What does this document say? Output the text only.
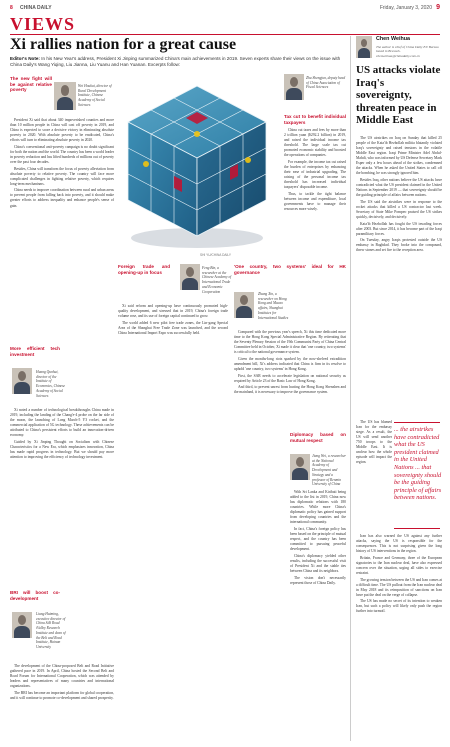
8 CHINA DAILY	Friday, January 3, 2020 9
VIEWS
Xi rallies nation for a great cause
Editor's Note: In his New Year's address, President Xi Jinping summarized China's main achievements in 2019. Seven experts share their views on the issue with China Daily's Wang Yiqing, Liu Jianna, Liu Yuanu and Han Yuanan. Excerpts follow:
The new fight will be against relative poverty
Wei Houkai, director of Rural Development Institute, Chinese Academy of Social Sciences

President Xi said that about 340 impoverished counties and more than 10 million people in China will cast off poverty in 2019, and China is expected to score a decisive victory in eliminating absolute poverty in 2020. With absolute poverty to be eradicated, China's efforts will turn to eliminating absolute poverty in 2020.

China's conventional anti-poverty campaign is no doubt significant for both the nation and the world. The country has been a world leader in poverty reduction and has lifted hundreds of millions out of poverty over the past four decades.

Besides, China will transform the focus of poverty alleviation from absolute poverty to relative poverty. The country will face more complicated challenges in fighting relative poverty, which requires long-term mechanisms.

China needs to improve coordination between rural and urban areas to prevent people from falling back into poverty, and it should make greater efforts to address inequality and enhance people's sense of gain.

More efficient tech investment
Huang Qunhui, director of the Institute of Economics, Chinese Academy of Social Sciences

Xi noted a number of technological breakthroughs China made in 2019, including the landing of the Chang'e-4 probe on the far side of the moon, the launching of Long March-5 Y3 rocket, and the commercial application of 5G technology. These achievements can be attributed to China's persistent efforts to build an innovation-driven economy.

Guided by Xi Jinping Thought on Socialism with Chinese Characteristics for a New Era, which emphasizes innovation, China has made rapid progress in technology. But we should pay more attention to improving the efficiency of technology investment.

BRI will boost co-development
Liang Haiming, executive director of China Silk Road iValley Research Institute and dean of the Belt and Road Institute, Hainan University

The development of the China-proposed Belt and Road Initiative gathered pace in 2019. In April, China hosted the Second Belt and Road Forum for International Cooperation, which was attended by leaders and representatives of many countries and international organizations.

The BRI has become an important platform for global cooperation, and it will continue to promote co-development and shared prosperity.

SHI YU/CHINA DAILY
Foreign trade and opening-up in focus
Feng Bin, a researcher at the Chinese Academy of International Trade and Economic Cooperation

Xi said reform and opening-up have continuously promoted high-quality development, and stressed that in 2019, China's foreign trade volume rose, and its use of foreign capital continued to grow.

The world added 6 new pilot free trade zones, the Lin-gang Special Area of the Shanghai Free Trade Zone was launched, and the second China International Import Expo was successfully held.

'One country, two systems' ideal for HK governance
Zhang Xin, a researcher on Hong Kong and Macao affairs, Shanghai Institutes for International Studies

Compared with the previous year's speech, Xi this time dedicated more time to the Hong Kong Special Administrative Region. By reiterating that the Seventy Plenary Session of the 19th Communist Party of China Central Committee held in October, Xi made it clear that 'one country, two systems' is critical to the national governance system.

Given the months-long riots sparked by the now-shelved extradition amendment bill, Xi's address indicated that China is firm in its resolve to uphold 'one country, two systems' in Hong Kong.

First, the SAR needs to accelerate legislation on national security as required by Article 23 of the Basic Law of Hong Kong.

And third, to prevent unrest from hurting the Hong Kong Shenzhen and the mainland, it is necessary to improve the governance system.

Zhu Shengjun, deputy head of China Association of Fiscal Sciences
Tax cut to benefit individual taxpayers

China cut taxes and fees by more than 2 trillion yuan ($292.2 billion) in 2019, and raised the individual income tax threshold. The large scale tax cut promoted economic stability and boosted the operations of companies.

For example, the income tax cut raised the burden of enterprises by enhancing their ease of industrial upgrading. The raising of the personal income tax threshold has increased individual taxpayers' disposable income.

Thus, to tackle the tight balance between income and expenditure, local governments have to manage their resources more wisely.

Diplomacy based on mutual respect
Jiang Wei, a researcher at the National Academy of Development and Strategy and a professor of Renmin University of China
Chen Weihua
The author is chief of China Daily EU Bureau based in Brussels. chenweihua@chinadaily.com.cn
US attacks violate Iraq's sovereignty, threaten peace in Middle East

The US airstrikes on Iraq on Sunday that killed 25 people of the Kata'ib Hezbollah militia blatantly violated Iraq's sovereignty and raised tensions in the volatile Middle East region. Iraqi Prime Minister Adel Abdul-Mahdi, who was informed by US Defense Secretary Mark Esper only a few hours ahead of the strikes, condemned the attacks. When he asked the United States to call off the bombing, he was strongly ignored him.

Besides Iraq, other nations believe the US attacks have contradicted what the US president claimed in the United Nations in September 2019 — that sovereignty should be the guiding principle of affairs between nations.

The US said the airstrikes were in response to the rocket attacks that killed a US contractor last week. Secretary of State Mike Pompeo praised the US strikes quickly, decisively, and decisively.

Kata'ib Hezbollah has fought the US invading forces after 2003. But since 2014, it has become part of the Iraqi paramilitary forces.

On Tuesday, angry Iraqis protested outside the US embassy in Baghdad. They broke into the compound, threw stones and set fire to the reception area.

The US has blamed Iran for the embassy siege. As a result, the US will send another 750 troops to the Middle East. It is unclear how the whole episode will impact the region.

... the airstrikes have contradicted what the US president claimed in the United Nations ... that sovereignty should be the guiding principle of affairs between nations.

Iran has also warned the US against any further attacks, saying the US is responsible for the consequences. This is not surprising given the long history of US interventions in the region.

Britain, France and Germany, three of the European signatories to the Iran nuclear deal, have also expressed concern over the situation, urging all sides to exercise restraint.

The growing tension between the US and Iran comes at a difficult time. The US pullout from the Iran nuclear deal in May 2018 and its reimposition of sanctions on Iran have put the deal on the verge of collapse.

The US has made no secret of its intention to weaken Iran, but such a policy will likely only push the region further into turmoil.

With Sri Lanka and Kiribati being added to the list in 2019, China now has diplomatic relations with 180 countries. While more China's diplomatic policy has gained support from developing countries and the international community.

In fact, China's foreign policy has been based on the principle of mutual respect, and the country has been committed to pursuing peaceful development.

China's diplomacy yielded other results, including the successful visit of President Xi and the stable ties between China and its neighbors.

The vision don't necessarily represent those of China Daily.
